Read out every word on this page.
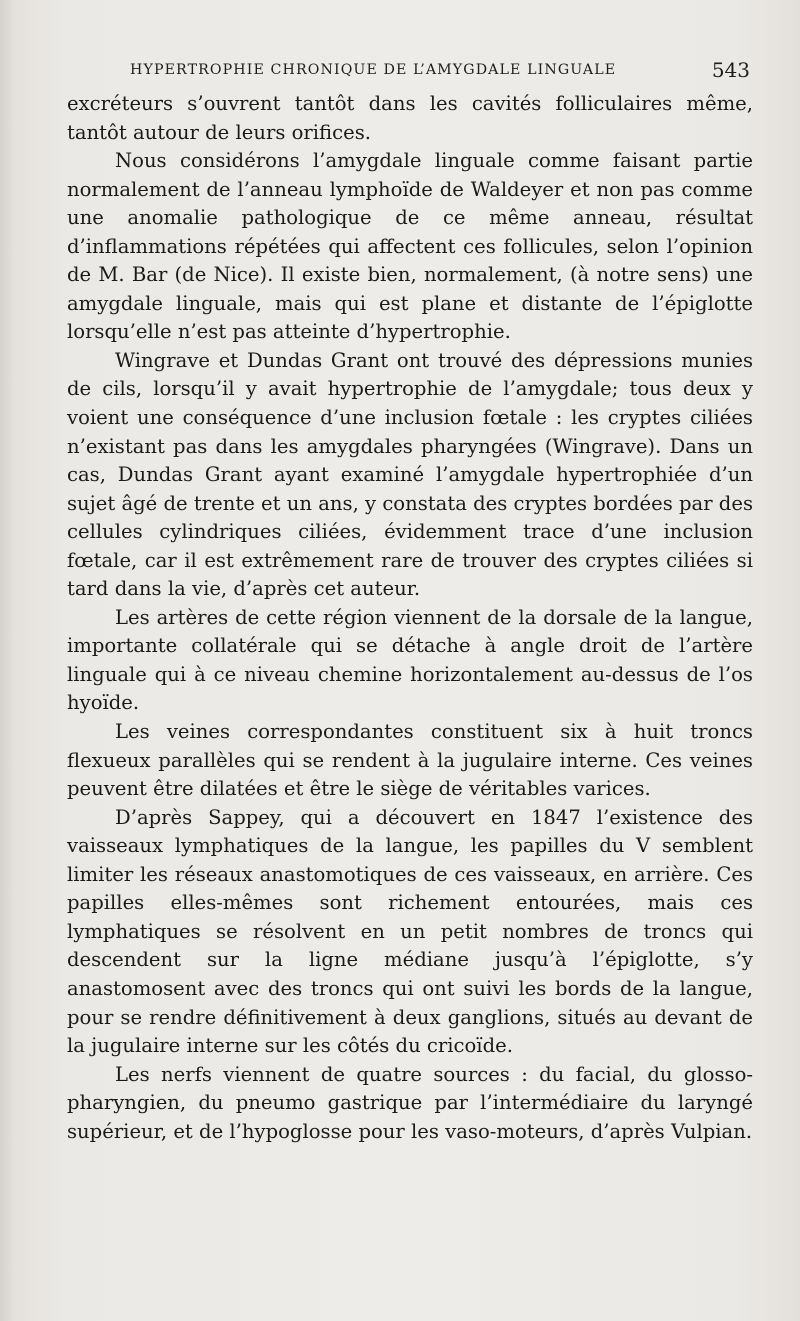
HYPERTROPHIE CHRONIQUE DE L’AMYGDALE LINGUALE	543

excréteurs s’ouvrent tantôt dans les cavités folliculaires même, tantôt autour de leurs orifices.

Nous considérons l’amygdale linguale comme faisant partie normalement de l’anneau lymphoïde de Waldeyer et non pas comme une anomalie pathologique de ce même anneau, résultat d’inflammations répétées qui affectent ces follicules, selon l’opinion de M. Bar (de Nice). Il existe bien, normalement, (à notre sens) une amygdale linguale, mais qui est plane et distante de l’épiglotte lorsqu’elle n’est pas atteinte d’hypertrophie.

Wingrave et Dundas Grant ont trouvé des dépressions munies de cils, lorsqu’il y avait hypertrophie de l’amygdale; tous deux y voient une conséquence d’une inclusion fœtale : les cryptes ciliées n’existant pas dans les amygdales pharyngées (Wingrave). Dans un cas, Dundas Grant ayant examiné l’amygdale hypertrophiée d’un sujet âgé de trente et un ans, y constata des cryptes bordées par des cellules cylindriques ciliées, évidemment trace d’une inclusion fœtale, car il est extrêmement rare de trouver des cryptes ciliées si tard dans la vie, d’après cet auteur.

Les artères de cette région viennent de la dorsale de la langue, importante collatérale qui se détache à angle droit de l’artère linguale qui à ce niveau chemine horizontalement au-dessus de l’os hyoïde.

Les veines correspondantes constituent six à huit troncs flexueux parallèles qui se rendent à la jugulaire interne. Ces veines peuvent être dilatées et être le siège de véritables varices.

D’après Sappey, qui a découvert en 1847 l’existence des vaisseaux lymphatiques de la langue, les papilles du V semblent limiter les réseaux anastomotiques de ces vaisseaux, en arrière. Ces papilles elles-mêmes sont richement entourées, mais ces lymphatiques se résolvent en un petit nombres de troncs qui descendent sur la ligne médiane jusqu’à l’épiglotte, s’y anastomosent avec des troncs qui ont suivi les bords de la langue, pour se rendre définitivement à deux ganglions, situés au devant de la jugulaire interne sur les côtés du cricoïde.

Les nerfs viennent de quatre sources : du facial, du glosso-pharyngien, du pneumo gastrique par l’intermédiaire du laryngé supérieur, et de l’hypoglosse pour les vaso-moteurs, d’après Vulpian.
